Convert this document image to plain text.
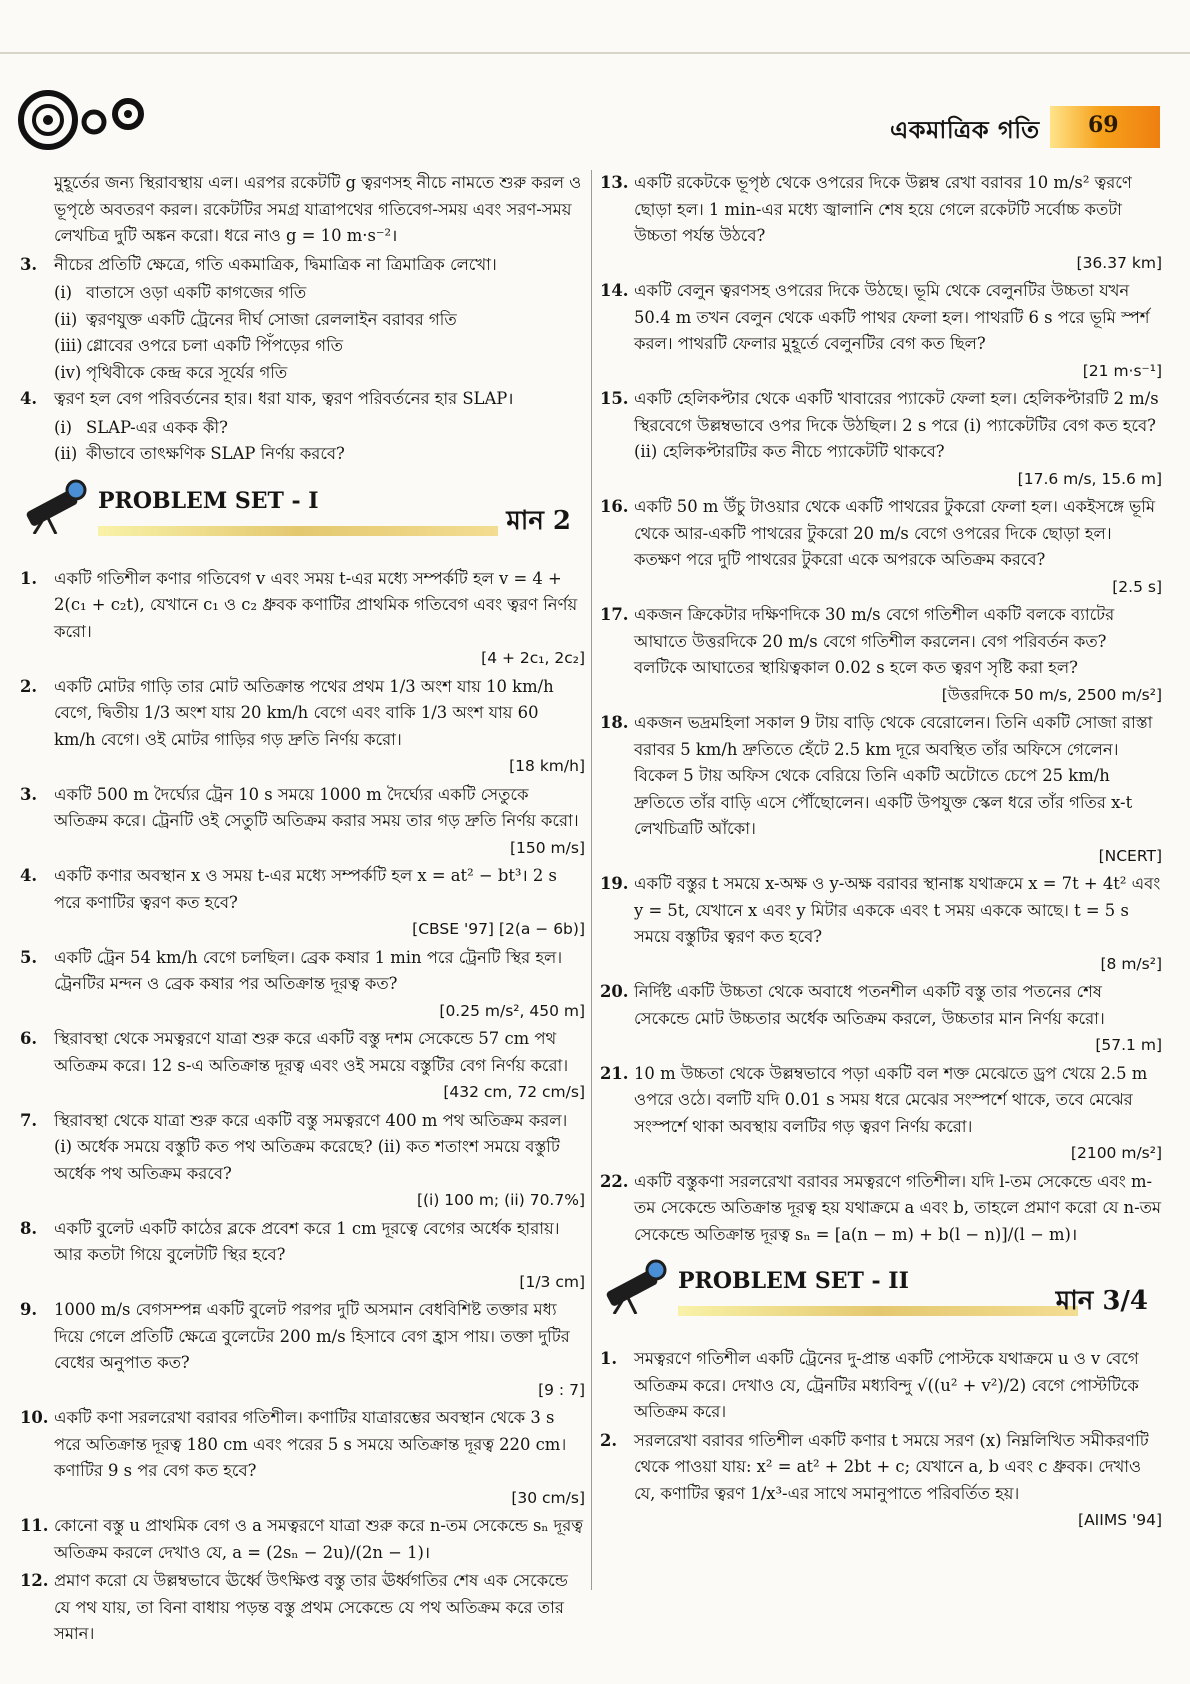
একমাত্রিক গতি 69
মুহূর্তের জন্য স্থিরাবস্থায় এল। এরপর রকেটটি g ত্বরণসহ নীচে নামতে শুরু করল ও ভূপৃষ্ঠে অবতরণ করল। রকেটটির সমগ্র যাত্রাপথের গতিবেগ-সময় এবং সরণ-সময় লেখচিত্র দুটি অঙ্কন করো। ধরে নাও g = 10 m·s⁻²।
3. নীচের প্রতিটি ক্ষেত্রে, গতি একমাত্রিক, দ্বিমাত্রিক না ত্রিমাত্রিক লেখো।
(i) বাতাসে ওড়া একটি কাগজের গতি
(ii) ত্বরণযুক্ত একটি ট্রেনের দীর্ঘ সোজা রেললাইন বরাবর গতি
(iii) গ্লোবের ওপরে চলা একটি পিঁপড়ের গতি
(iv) পৃথিবীকে কেন্দ্র করে সূর্যের গতি
4. ত্বরণ হল বেগ পরিবর্তনের হার। ধরা যাক, ত্বরণ পরিবর্তনের হার SLAP।
(i) SLAP-এর একক কী?
(ii) কীভাবে তাৎক্ষণিক SLAP নির্ণয় করবে?
PROBLEM SET - I
মান 2
1. একটি গতিশীল কণার গতিবেগ v এবং সময় t-এর মধ্যে সম্পর্কটি হল v = 4 + 2(c₁ + c₂t), যেখানে c₁ ও c₂ ধ্রুবক কণাটির প্রাথমিক গতিবেগ এবং ত্বরণ নির্ণয় করো।
[4 + 2c₁, 2c₂]
2. একটি মোটর গাড়ি তার মোট অতিক্রান্ত পথের প্রথম 1/3 অংশ যায় 10 km/h বেগে, দ্বিতীয় 1/3 অংশ যায় 20 km/h বেগে এবং বাকি 1/3 অংশ যায় 60 km/h বেগে। ওই মোটর গাড়ির গড় দ্রুতি নির্ণয় করো।
[18 km/h]
3. একটি 500 m দৈর্ঘ্যের ট্রেন 10 s সময়ে 1000 m দৈর্ঘ্যের একটি সেতুকে অতিক্রম করে। ট্রেনটি ওই সেতুটি অতিক্রম করার সময় তার গড় দ্রুতি নির্ণয় করো।
[150 m/s]
4. একটি কণার অবস্থান x ও সময় t-এর মধ্যে সম্পর্কটি হল x = at² − bt³। 2 s পরে কণাটির ত্বরণ কত হবে?
[CBSE '97] [2(a − 6b)]
5. একটি ট্রেন 54 km/h বেগে চলছিল। ব্রেক কষার 1 min পরে ট্রেনটি স্থির হল। ট্রেনটির মন্দন ও ব্রেক কষার পর অতিক্রান্ত দূরত্ব কত?
[0.25 m/s², 450 m]
6. স্থিরাবস্থা থেকে সমত্বরণে যাত্রা শুরু করে একটি বস্তু দশম সেকেন্ডে 57 cm পথ অতিক্রম করে। 12 s-এ অতিক্রান্ত দূরত্ব এবং ওই সময়ে বস্তুটির বেগ নির্ণয় করো।
[432 cm, 72 cm/s]
7. স্থিরাবস্থা থেকে যাত্রা শুরু করে একটি বস্তু সমত্বরণে 400 m পথ অতিক্রম করল। (i) অর্ধেক সময়ে বস্তুটি কত পথ অতিক্রম করেছে? (ii) কত শতাংশ সময়ে বস্তুটি অর্ধেক পথ অতিক্রম করবে?
[(i) 100 m; (ii) 70.7%]
8. একটি বুলেট একটি কাঠের ব্লকে প্রবেশ করে 1 cm দূরত্বে বেগের অর্ধেক হারায়। আর কতটা গিয়ে বুলেটটি স্থির হবে?
[1/3 cm]
9. 1000 m/s বেগসম্পন্ন একটি বুলেট পরপর দুটি অসমান বেধবিশিষ্ট তক্তার মধ্য দিয়ে গেলে প্রতিটি ক্ষেত্রে বুলেটের 200 m/s হিসাবে বেগ হ্রাস পায়। তক্তা দুটির বেধের অনুপাত কত?
[9 : 7]
10. একটি কণা সরলরেখা বরাবর গতিশীল। কণাটির যাত্রারম্ভের অবস্থান থেকে 3 s পরে অতিক্রান্ত দূরত্ব 180 cm এবং পরের 5 s সময়ে অতিক্রান্ত দূরত্ব 220 cm। কণাটির 9 s পর বেগ কত হবে?
[30 cm/s]
11. কোনো বস্তু u প্রাথমিক বেগ ও a সমত্বরণে যাত্রা শুরু করে n-তম সেকেন্ডে sₙ দূরত্ব অতিক্রম করলে দেখাও যে, a = (2sₙ − 2u)/(2n − 1)।
12. প্রমাণ করো যে উল্লম্বভাবে ঊর্ধ্বে উৎক্ষিপ্ত বস্তু তার ঊর্ধ্বগতির শেষ এক সেকেন্ডে যে পথ যায়, তা বিনা বাধায় পড়ন্ত বস্তু প্রথম সেকেন্ডে যে পথ অতিক্রম করে তার সমান।
13. একটি রকেটকে ভূপৃষ্ঠ থেকে ওপরের দিকে উল্লম্ব রেখা বরাবর 10 m/s² ত্বরণে ছোড়া হল। 1 min-এর মধ্যে জ্বালানি শেষ হয়ে গেলে রকেটটি সর্বোচ্চ কতটা উচ্চতা পর্যন্ত উঠবে?
[36.37 km]
14. একটি বেলুন ত্বরণসহ ওপরের দিকে উঠছে। ভূমি থেকে বেলুনটির উচ্চতা যখন 50.4 m তখন বেলুন থেকে একটি পাথর ফেলা হল। পাথরটি 6 s পরে ভূমি স্পর্শ করল। পাথরটি ফেলার মুহূর্তে বেলুনটির বেগ কত ছিল?
[21 m·s⁻¹]
15. একটি হেলিকপ্টার থেকে একটি খাবারের প্যাকেট ফেলা হল। হেলিকপ্টারটি 2 m/s স্থিরবেগে উল্লম্বভাবে ওপর দিকে উঠছিল। 2 s পরে (i) প্যাকেটটির বেগ কত হবে? (ii) হেলিকপ্টারটির কত নীচে প্যাকেটটি থাকবে?
[17.6 m/s, 15.6 m]
16. একটি 50 m উঁচু টাওয়ার থেকে একটি পাথরের টুকরো ফেলা হল। একইসঙ্গে ভূমি থেকে আর-একটি পাথরের টুকরো 20 m/s বেগে ওপরের দিকে ছোড়া হল। কতক্ষণ পরে দুটি পাথরের টুকরো একে অপরকে অতিক্রম করবে?
[2.5 s]
17. একজন ক্রিকেটার দক্ষিণদিকে 30 m/s বেগে গতিশীল একটি বলকে ব্যাটের আঘাতে উত্তরদিকে 20 m/s বেগে গতিশীল করলেন। বেগ পরিবর্তন কত? বলটিকে আঘাতের স্থায়িত্বকাল 0.02 s হলে কত ত্বরণ সৃষ্টি করা হল?
[উত্তরদিকে 50 m/s, 2500 m/s²]
18. একজন ভদ্রমহিলা সকাল 9 টায় বাড়ি থেকে বেরোলেন। তিনি একটি সোজা রাস্তা বরাবর 5 km/h দ্রুতিতে হেঁটে 2.5 km দূরে অবস্থিত তাঁর অফিসে গেলেন। বিকেল 5 টায় অফিস থেকে বেরিয়ে তিনি একটি অটোতে চেপে 25 km/h দ্রুতিতে তাঁর বাড়ি এসে পৌঁছোলেন। একটি উপযুক্ত স্কেল ধরে তাঁর গতির x-t লেখচিত্রটি আঁকো।
[NCERT]
19. একটি বস্তুর t সময়ে x-অক্ষ ও y-অক্ষ বরাবর স্থানাঙ্ক যথাক্রমে x = 7t + 4t² এবং y = 5t, যেখানে x এবং y মিটার এককে এবং t সময় এককে আছে। t = 5 s সময়ে বস্তুটির ত্বরণ কত হবে?
[8 m/s²]
20. নির্দিষ্ট একটি উচ্চতা থেকে অবাধে পতনশীল একটি বস্তু তার পতনের শেষ সেকেন্ডে মোট উচ্চতার অর্ধেক অতিক্রম করলে, উচ্চতার মান নির্ণয় করো।
[57.1 m]
21. 10 m উচ্চতা থেকে উল্লম্বভাবে পড়া একটি বল শক্ত মেঝেতে ড্রপ খেয়ে 2.5 m ওপরে ওঠে। বলটি যদি 0.01 s সময় ধরে মেঝের সংস্পর্শে থাকে, তবে মেঝের সংস্পর্শে থাকা অবস্থায় বলটির গড় ত্বরণ নির্ণয় করো।
[2100 m/s²]
22. একটি বস্তুকণা সরলরেখা বরাবর সমত্বরণে গতিশীল। যদি l-তম সেকেন্ডে এবং m-তম সেকেন্ডে অতিক্রান্ত দূরত্ব হয় যথাক্রমে a এবং b, তাহলে প্রমাণ করো যে n-তম সেকেন্ডে অতিক্রান্ত দূরত্ব sₙ = [a(n − m) + b(l − n)]/(l − m)।
PROBLEM SET - II
মান 3/4
1. সমত্বরণে গতিশীল একটি ট্রেনের দু-প্রান্ত একটি পোস্টকে যথাক্রমে u ও v বেগে অতিক্রম করে। দেখাও যে, ট্রেনটির মধ্যবিন্দু √((u² + v²)/2) বেগে পোস্টটিকে অতিক্রম করে।
2. সরলরেখা বরাবর গতিশীল একটি কণার t সময়ে সরণ (x) নিম্নলিখিত সমীকরণটি থেকে পাওয়া যায়: x² = at² + 2bt + c; যেখানে a, b এবং c ধ্রুবক। দেখাও যে, কণাটির ত্বরণ 1/x³-এর সাথে সমানুপাতে পরিবর্তিত হয়।
[AIIMS '94]
